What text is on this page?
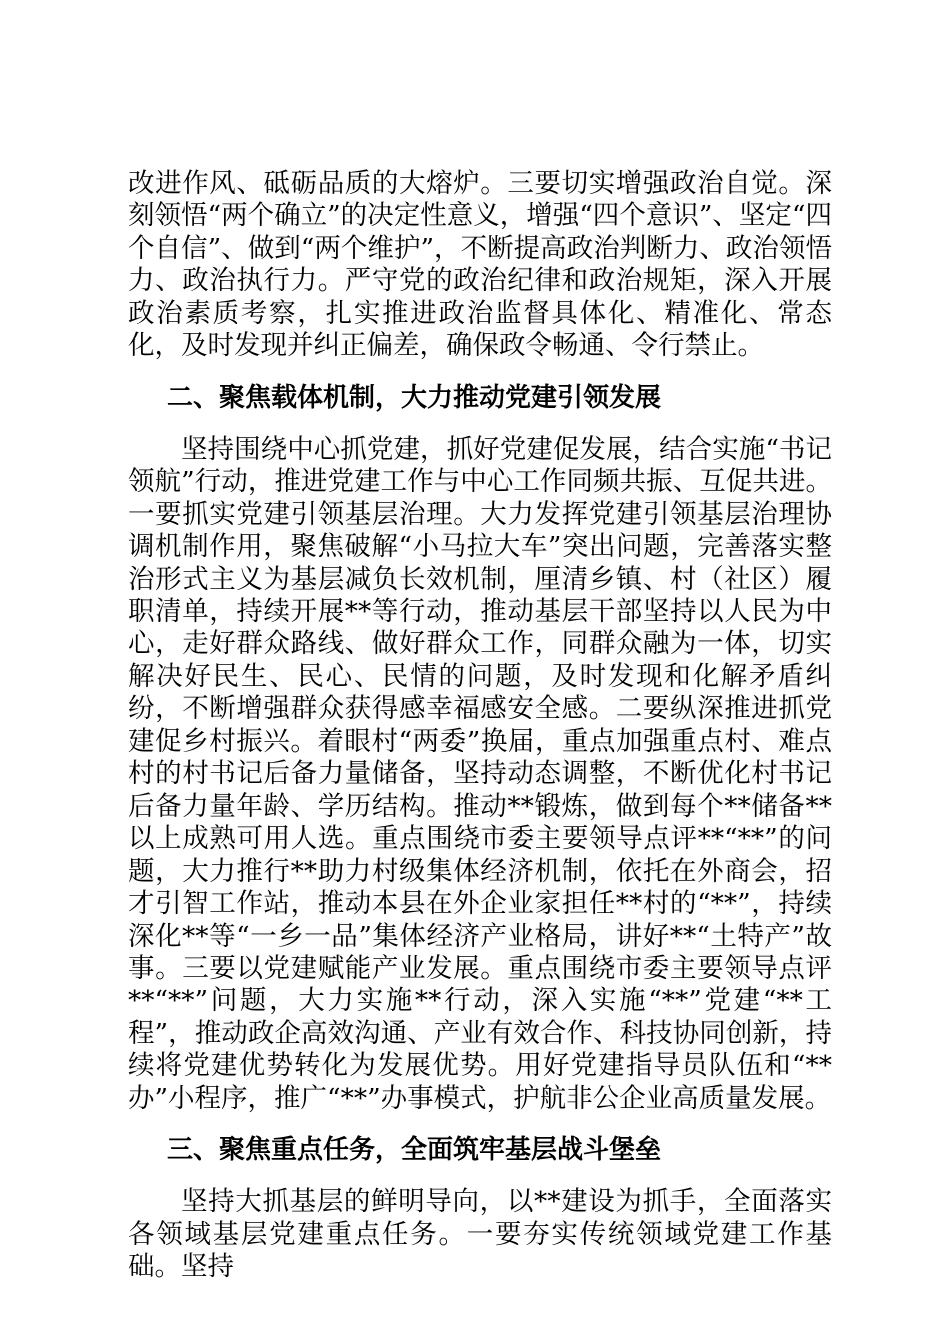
改进作风、砥砺品质的大熔炉。三要切实增强政治自觉。深刻领悟“两个确立”的决定性意义，增强“四个意识”、坚定“四个自信”、做到“两个维护”，不断提高政治判断力、政治领悟力、政治执行力。严守党的政治纪律和政治规矩，深入开展政治素质考察，扎实推进政治监督具体化、精准化、常态化，及时发现并纠正偏差，确保政令畅通、令行禁止。

二、聚焦载体机制，大力推动党建引领发展

坚持围绕中心抓党建，抓好党建促发展，结合实施“书记领航”行动，推进党建工作与中心工作同频共振、互促共进。一要抓实党建引领基层治理。大力发挥党建引领基层治理协调机制作用，聚焦破解“小马拉大车”突出问题，完善落实整治形式主义为基层减负长效机制，厘清乡镇、村（社区）履职清单，持续开展**等行动，推动基层干部坚持以人民为中心，走好群众路线、做好群众工作，同群众融为一体，切实解决好民生、民心、民情的问题，及时发现和化解矛盾纠纷，不断增强群众获得感幸福感安全感。二要纵深推进抓党建促乡村振兴。着眼村“两委”换届，重点加强重点村、难点村的村书记后备力量储备，坚持动态调整，不断优化村书记后备力量年龄、学历结构。推动**锻炼，做到每个**储备**以上成熟可用人选。重点围绕市委主要领导点评**“**”的问题，大力推行**助力村级集体经济机制，依托在外商会，招才引智工作站，推动本县在外企业家担任**村的“**”，持续深化**等“一乡一品”集体经济产业格局，讲好**“土特产”故事。三要以党建赋能产业发展。重点围绕市委主要领导点评**“**”问题，大力实施**行动，深入实施“**”党建“**工程”，推动政企高效沟通、产业有效合作、科技协同创新，持续将党建优势转化为发展优势。用好党建指导员队伍和“**办”小程序，推广“**”办事模式，护航非公企业高质量发展。

三、聚焦重点任务，全面筑牢基层战斗堡垒

坚持大抓基层的鲜明导向，以**建设为抓手，全面落实各领域基层党建重点任务。一要夯实传统领域党建工作基础。坚持
